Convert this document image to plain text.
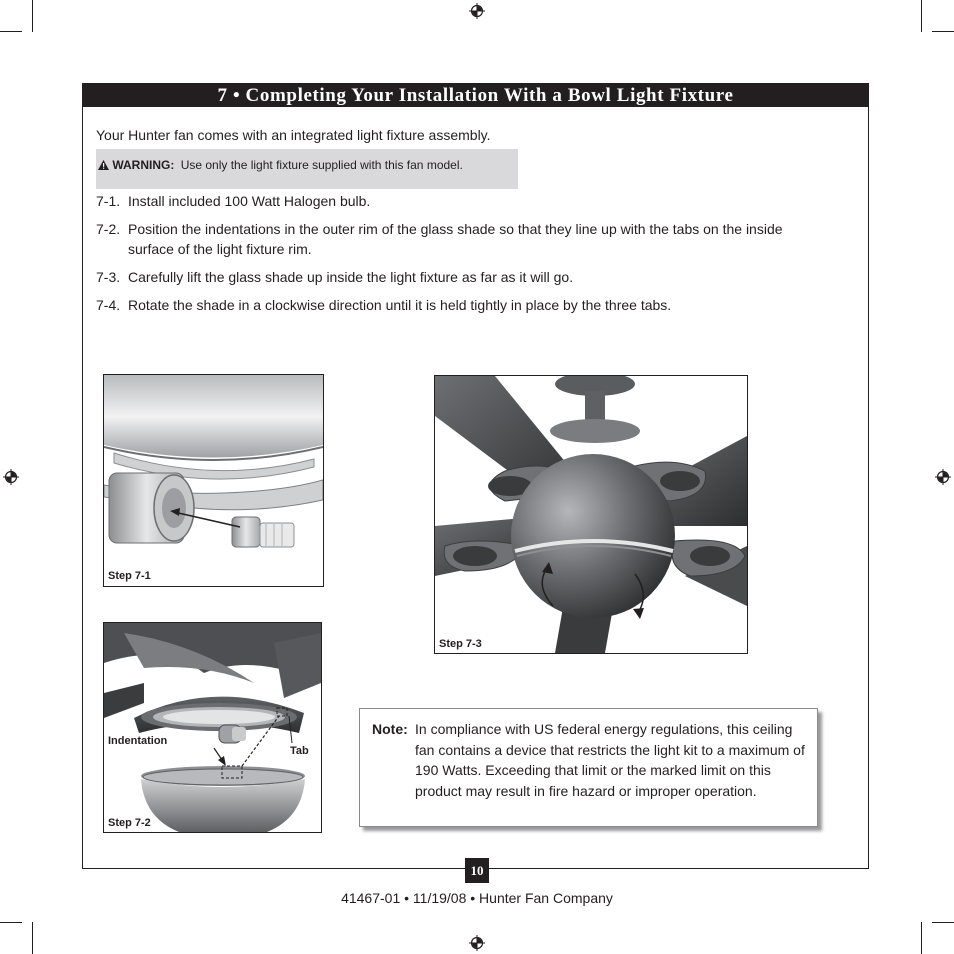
7 • Completing Your Installation With a Bowl Light Fixture
Your Hunter fan comes with an integrated light fixture assembly.
WARNING: Use only the light fixture supplied with this fan model.
7-1. Install included 100 Watt Halogen bulb.
7-2. Position the indentations in the outer rim of the glass shade so that they line up with the tabs on the inside surface of the light fixture rim.
7-3. Carefully lift the glass shade up inside the light fixture as far as it will go.
7-4. Rotate the shade in a clockwise direction until it is held tightly in place by the three tabs.
Step 7-1
Indentation
Tab
Step 7-2
Step 7-3
Note: In compliance with US federal energy regulations, this ceiling fan contains a device that restricts the light kit to a maximum of 190 Watts. Exceeding that limit or the marked limit on this product may result in fire hazard or improper operation.
10
41467-01 • 11/19/08 • Hunter Fan Company
